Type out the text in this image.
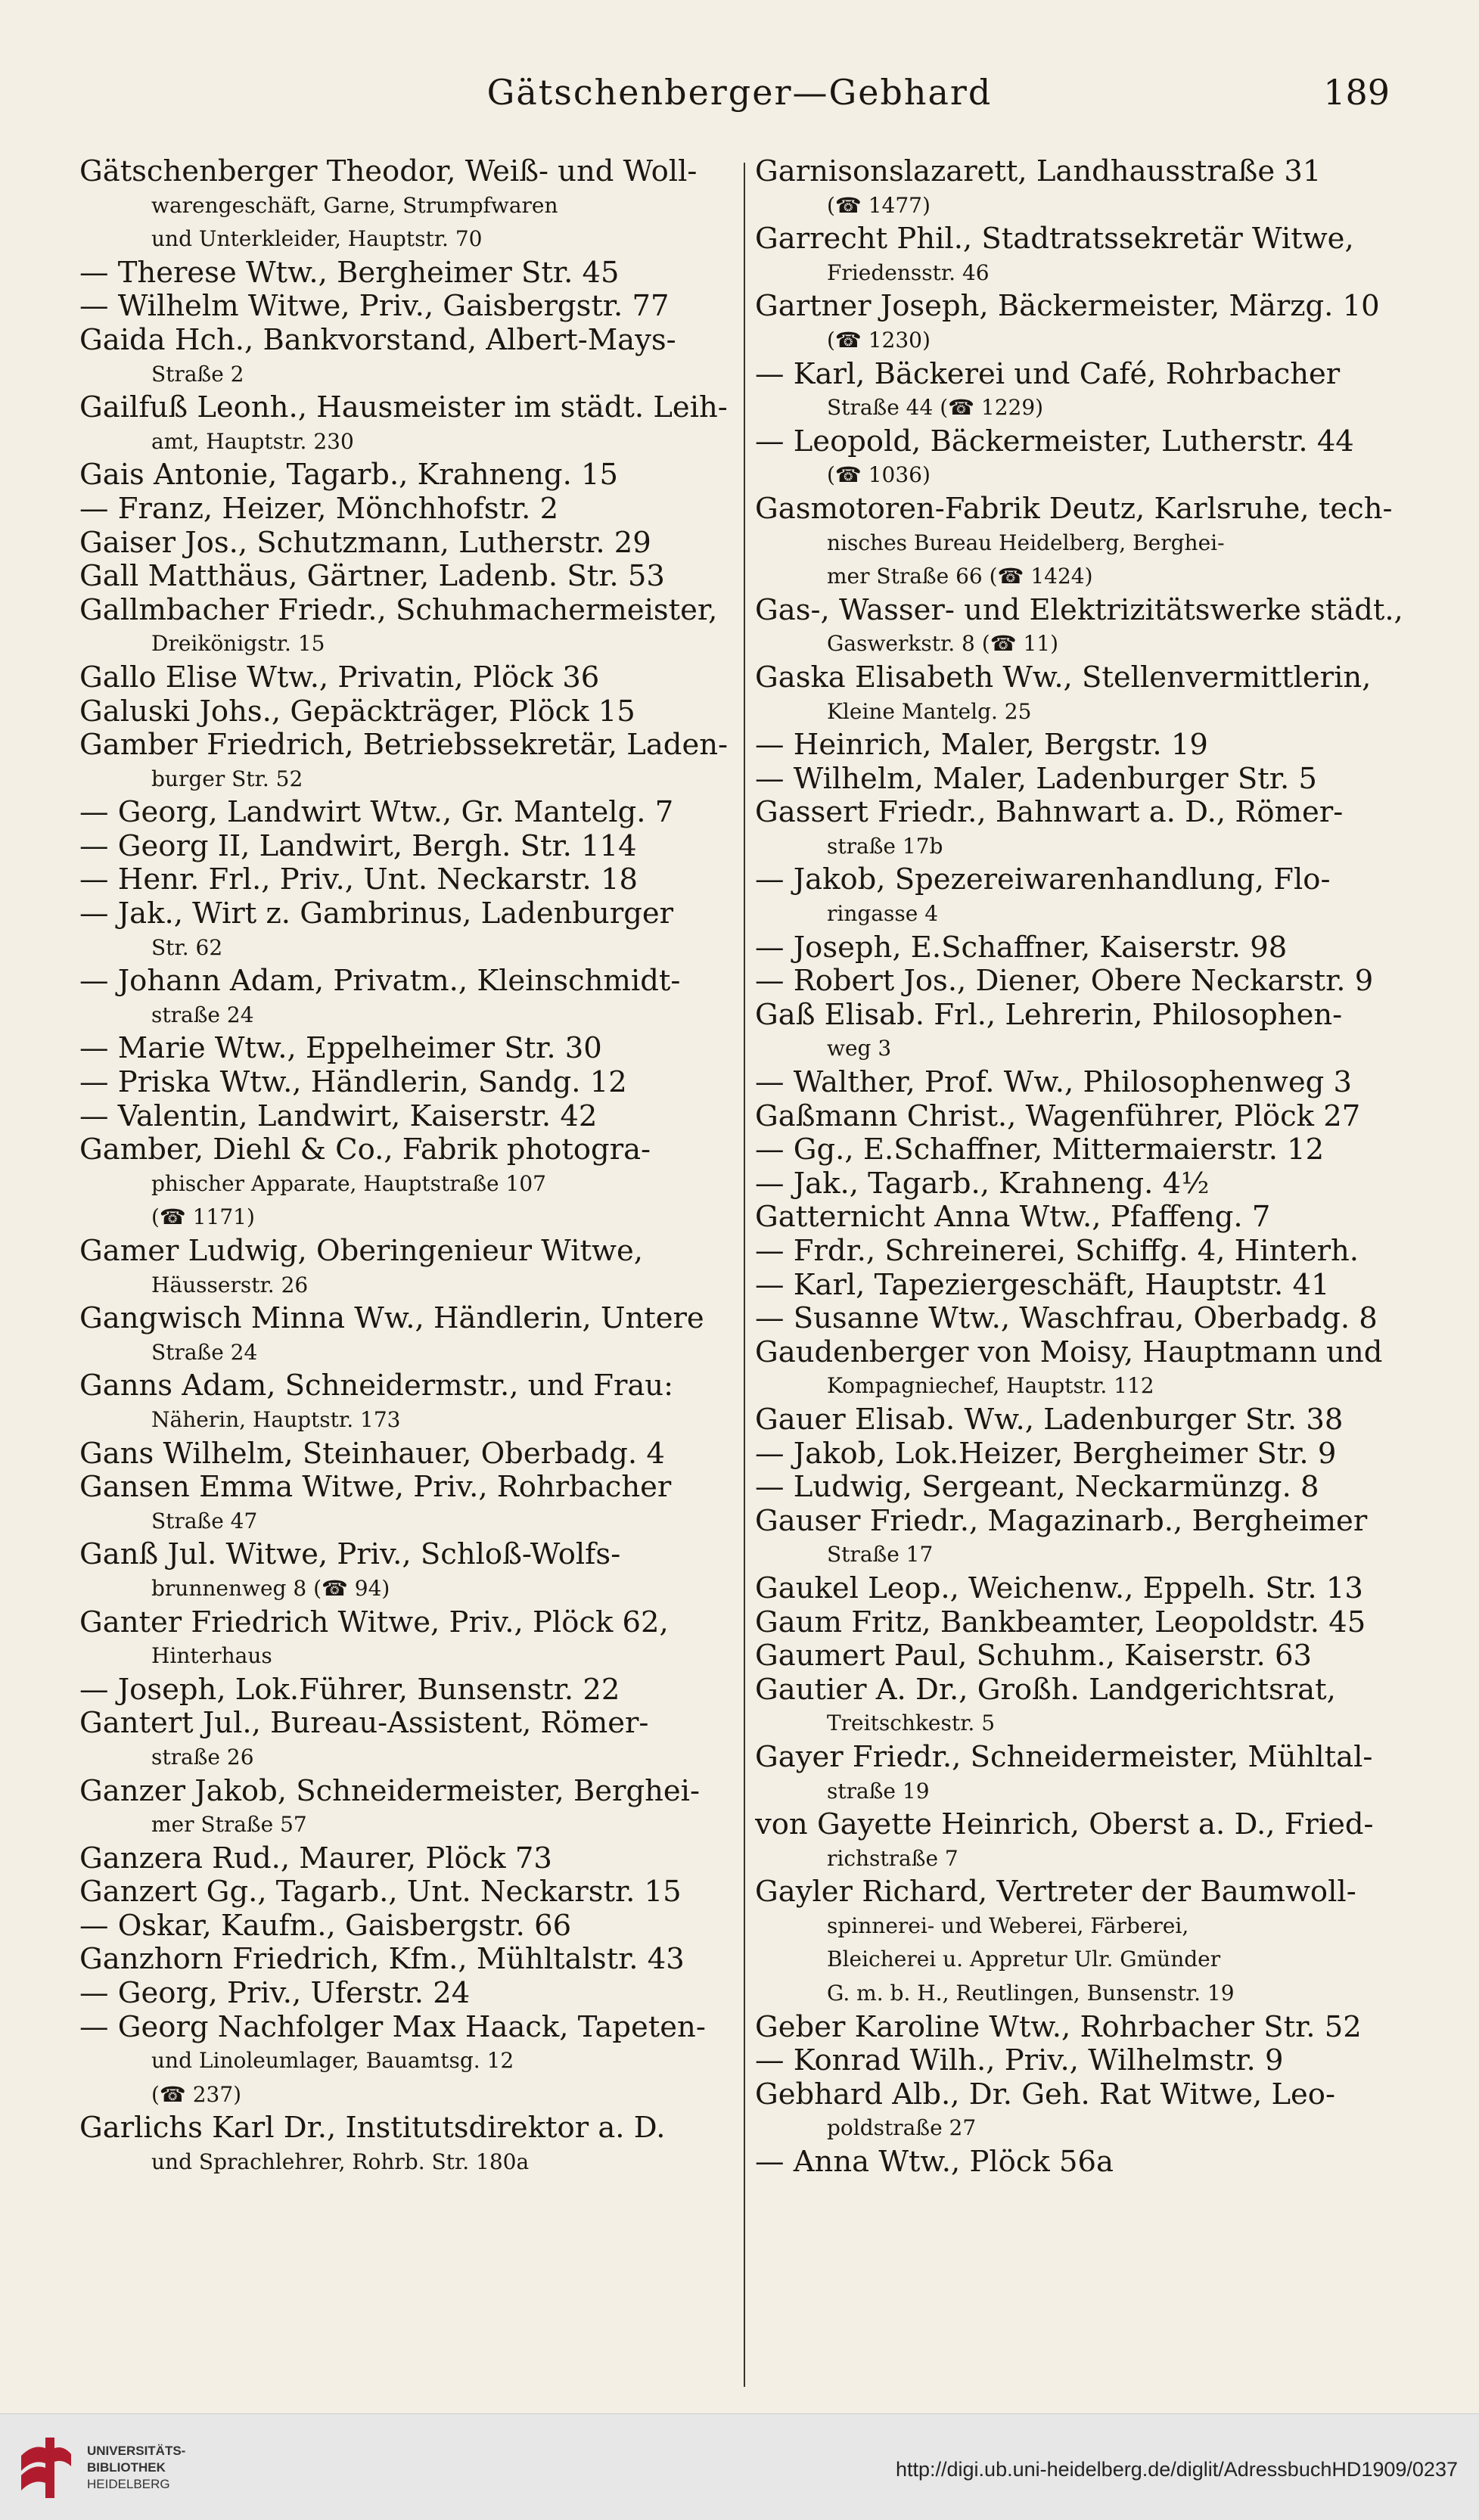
Gätschenberger—Gebhard	189
Gätschenberger Theodor, Weiß- und Woll-
warengeschäft, Garne, Strumpfwaren
und Unterkleider, Hauptstr. 70
— Therese Wtw., Bergheimer Str. 45
— Wilhelm Witwe, Priv., Gaisbergstr. 77
Gaida Hch., Bankvorstand, Albert-Mays-
Straße 2
Gailfuß Leonh., Hausmeister im städt. Leih-
amt, Hauptstr. 230
Gais Antonie, Tagarb., Krahneng. 15
— Franz, Heizer, Mönchhofstr. 2
Gaiser Jos., Schutzmann, Lutherstr. 29
Gall Matthäus, Gärtner, Ladenb. Str. 53
Gallmbacher Friedr., Schuhmachermeister,
Dreikönigstr. 15
Gallo Elise Wtw., Privatin, Plöck 36
Galuski Johs., Gepäckträger, Plöck 15
Gamber Friedrich, Betriebssekretär, Laden-
burger Str. 52
— Georg, Landwirt Wtw., Gr. Mantelg. 7
— Georg II, Landwirt, Bergh. Str. 114
— Henr. Frl., Priv., Unt. Neckarstr. 18
— Jak., Wirt z. Gambrinus, Ladenburger
Str. 62
— Johann Adam, Privatm., Kleinschmidt-
straße 24
— Marie Wtw., Eppelheimer Str. 30
— Priska Wtw., Händlerin, Sandg. 12
— Valentin, Landwirt, Kaiserstr. 42
Gamber, Diehl & Co., Fabrik photogra-
phischer Apparate, Hauptstraße 107
(☎ 1171)
Gamer Ludwig, Oberingenieur Witwe,
Häusserstr. 26
Gangwisch Minna Ww., Händlerin, Untere
Straße 24
Ganns Adam, Schneidermstr., und Frau:
Näherin, Hauptstr. 173
Gans Wilhelm, Steinhauer, Oberbadg. 4
Gansen Emma Witwe, Priv., Rohrbacher
Straße 47
Ganß Jul. Witwe, Priv., Schloß-Wolfs-
brunnenweg 8 (☎ 94)
Ganter Friedrich Witwe, Priv., Plöck 62,
Hinterhaus
— Joseph, Lok.Führer, Bunsenstr. 22
Gantert Jul., Bureau-Assistent, Römer-
straße 26
Ganzer Jakob, Schneidermeister, Berghei-
mer Straße 57
Ganzera Rud., Maurer, Plöck 73
Ganzert Gg., Tagarb., Unt. Neckarstr. 15
— Oskar, Kaufm., Gaisbergstr. 66
Ganzhorn Friedrich, Kfm., Mühltalstr. 43
— Georg, Priv., Uferstr. 24
— Georg Nachfolger Max Haack, Tapeten-
und Linoleumlager, Bauamtsg. 12
(☎ 237)
Garlichs Karl Dr., Institutsdirektor a. D.
und Sprachlehrer, Rohrb. Str. 180a
Garnisonslazarett, Landhausstraße 31
(☎ 1477)
Garrecht Phil., Stadtratssekretär Witwe,
Friedensstr. 46
Gartner Joseph, Bäckermeister, Märzg. 10
(☎ 1230)
— Karl, Bäckerei und Café, Rohrbacher
Straße 44 (☎ 1229)
— Leopold, Bäckermeister, Lutherstr. 44
(☎ 1036)
Gasmotoren-Fabrik Deutz, Karlsruhe, tech-
nisches Bureau Heidelberg, Berghei-
mer Straße 66 (☎ 1424)
Gas-, Wasser- und Elektrizitätswerke städt.,
Gaswerkstr. 8 (☎ 11)
Gaska Elisabeth Ww., Stellenvermittlerin,
Kleine Mantelg. 25
— Heinrich, Maler, Bergstr. 19
— Wilhelm, Maler, Ladenburger Str. 5
Gassert Friedr., Bahnwart a. D., Römer-
straße 17b
— Jakob, Spezereiwarenhandlung, Flo-
ringasse 4
— Joseph, E.Schaffner, Kaiserstr. 98
— Robert Jos., Diener, Obere Neckarstr. 9
Gaß Elisab. Frl., Lehrerin, Philosophen-
weg 3
— Walther, Prof. Ww., Philosophenweg 3
Gaßmann Christ., Wagenführer, Plöck 27
— Gg., E.Schaffner, Mittermaierstr. 12
— Jak., Tagarb., Krahneng. 4½
Gatternicht Anna Wtw., Pfaffeng. 7
— Frdr., Schreinerei, Schiffg. 4, Hinterh.
— Karl, Tapeziergeschäft, Hauptstr. 41
— Susanne Wtw., Waschfrau, Oberbadg. 8
Gaudenberger von Moisy, Hauptmann und
Kompagniechef, Hauptstr. 112
Gauer Elisab. Ww., Ladenburger Str. 38
— Jakob, Lok.Heizer, Bergheimer Str. 9
— Ludwig, Sergeant, Neckarmünzg. 8
Gauser Friedr., Magazinarb., Bergheimer
Straße 17
Gaukel Leop., Weichenw., Eppelh. Str. 13
Gaum Fritz, Bankbeamter, Leopoldstr. 45
Gaumert Paul, Schuhm., Kaiserstr. 63
Gautier A. Dr., Großh. Landgerichtsrat,
Treitschkestr. 5
Gayer Friedr., Schneidermeister, Mühltal-
straße 19
von Gayette Heinrich, Oberst a. D., Fried-
richstraße 7
Gayler Richard, Vertreter der Baumwoll-
spinnerei- und Weberei, Färberei,
Bleicherei u. Appretur Ulr. Gmünder
G. m. b. H., Reutlingen, Bunsenstr. 19
Geber Karoline Wtw., Rohrbacher Str. 52
— Konrad Wilh., Priv., Wilhelmstr. 9
Gebhard Alb., Dr. Geh. Rat Witwe, Leo-
poldstraße 27
— Anna Wtw., Plöck 56a
UNIVERSITÄTS-
BIBLIOTHEK
HEIDELBERG
http://digi.ub.uni-heidelberg.de/diglit/AdressbuchHD1909/0237
